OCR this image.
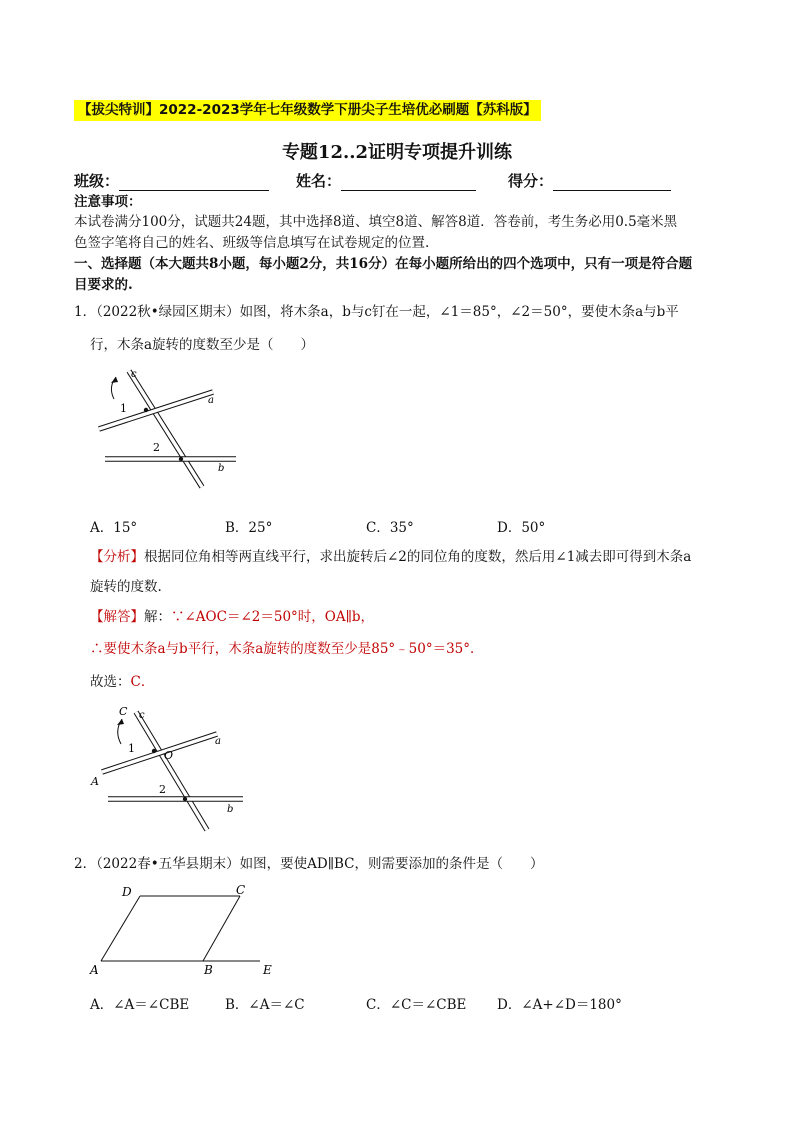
【拔尖特训】2022-2023学年七年级数学下册尖子生培优必刷题【苏科版】
专题12..2证明专项提升训练
班级：	姓名：	得分：
注意事项：
本试卷满分100分，试题共24题，其中选择8道、填空8道、解答8道．答卷前，考生务必用0.5毫米黑
色签字笔将自己的姓名、班级等信息填写在试卷规定的位置.
一、选择题（本大题共8小题，每小题2分，共16分）在每小题所给出的四个选项中，只有一项是符合题
目要求的.
1．（2022秋•绿园区期末）如图，将木条a，b与c钉在一起，∠1＝85°，∠2＝50°，要使木条a与b平
行，木条a旋转的度数至少是（　　）
c
a
b
1
2
A．15°	B．25°	C．35°	D．50°
【分析】根据同位角相等两直线平行，求出旋转后∠2的同位角的度数，然后用∠1减去即可得到木条a
旋转的度数.
【解答】解：∵∠AOC＝∠2＝50°时，OA∥b，
∴要使木条a与b平行，木条a旋转的度数至少是85°﹣50°＝35°．
故选：C．
C c
a
b
O
A
1
2
2．（2022春•五华县期末）如图，要使AD∥BC，则需要添加的条件是（　　）
D	C
A	B	E
A．∠A＝∠CBE	B．∠A＝∠C	C．∠C＝∠CBE D．∠A+∠D＝180°
